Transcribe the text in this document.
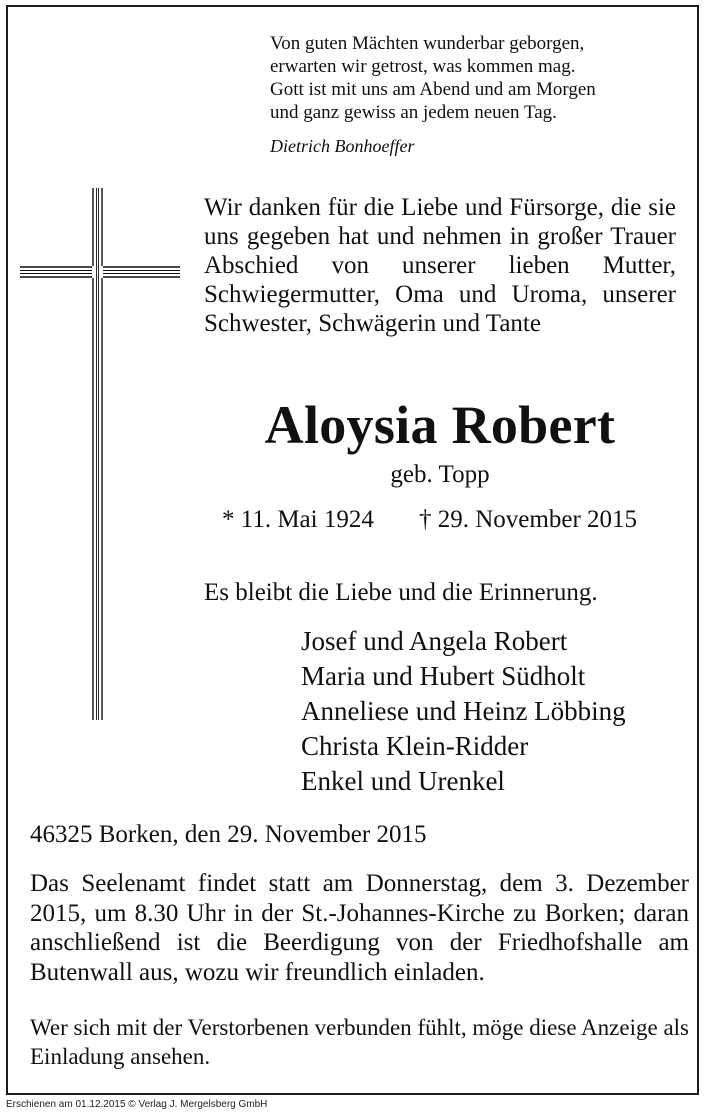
Von guten Mächten wunderbar geborgen,
erwarten wir getrost, was kommen mag.
Gott ist mit uns am Abend und am Morgen
und ganz gewiss an jedem neuen Tag.
Dietrich Bonhoeffer
Wir danken für die Liebe und Fürsorge, die sie uns gegeben hat und nehmen in großer Trauer Abschied von unserer lieben Mutter, Schwiegermutter, Oma und Uroma, unserer Schwester, Schwägerin und Tante
Aloysia Robert
geb. Topp
* 11. Mai 1924 † 29. November 2015
Es bleibt die Liebe und die Erinnerung.
Josef und Angela Robert
Maria und Hubert Südholt
Anneliese und Heinz Löbbing
Christa Klein-Ridder
Enkel und Urenkel
46325 Borken, den 29. November 2015
Das Seelenamt findet statt am Donnerstag, dem 3. Dezember 2015, um 8.30 Uhr in der St.-Johannes-Kirche zu Borken; daran anschließend ist die Beerdigung von der Friedhofshalle am Butenwall aus, wozu wir freundlich einladen.
Wer sich mit der Verstorbenen verbunden fühlt, möge diese Anzeige als Einladung ansehen.
Erschienen am 01.12.2015 © Verlag J. Mergelsberg GmbH
